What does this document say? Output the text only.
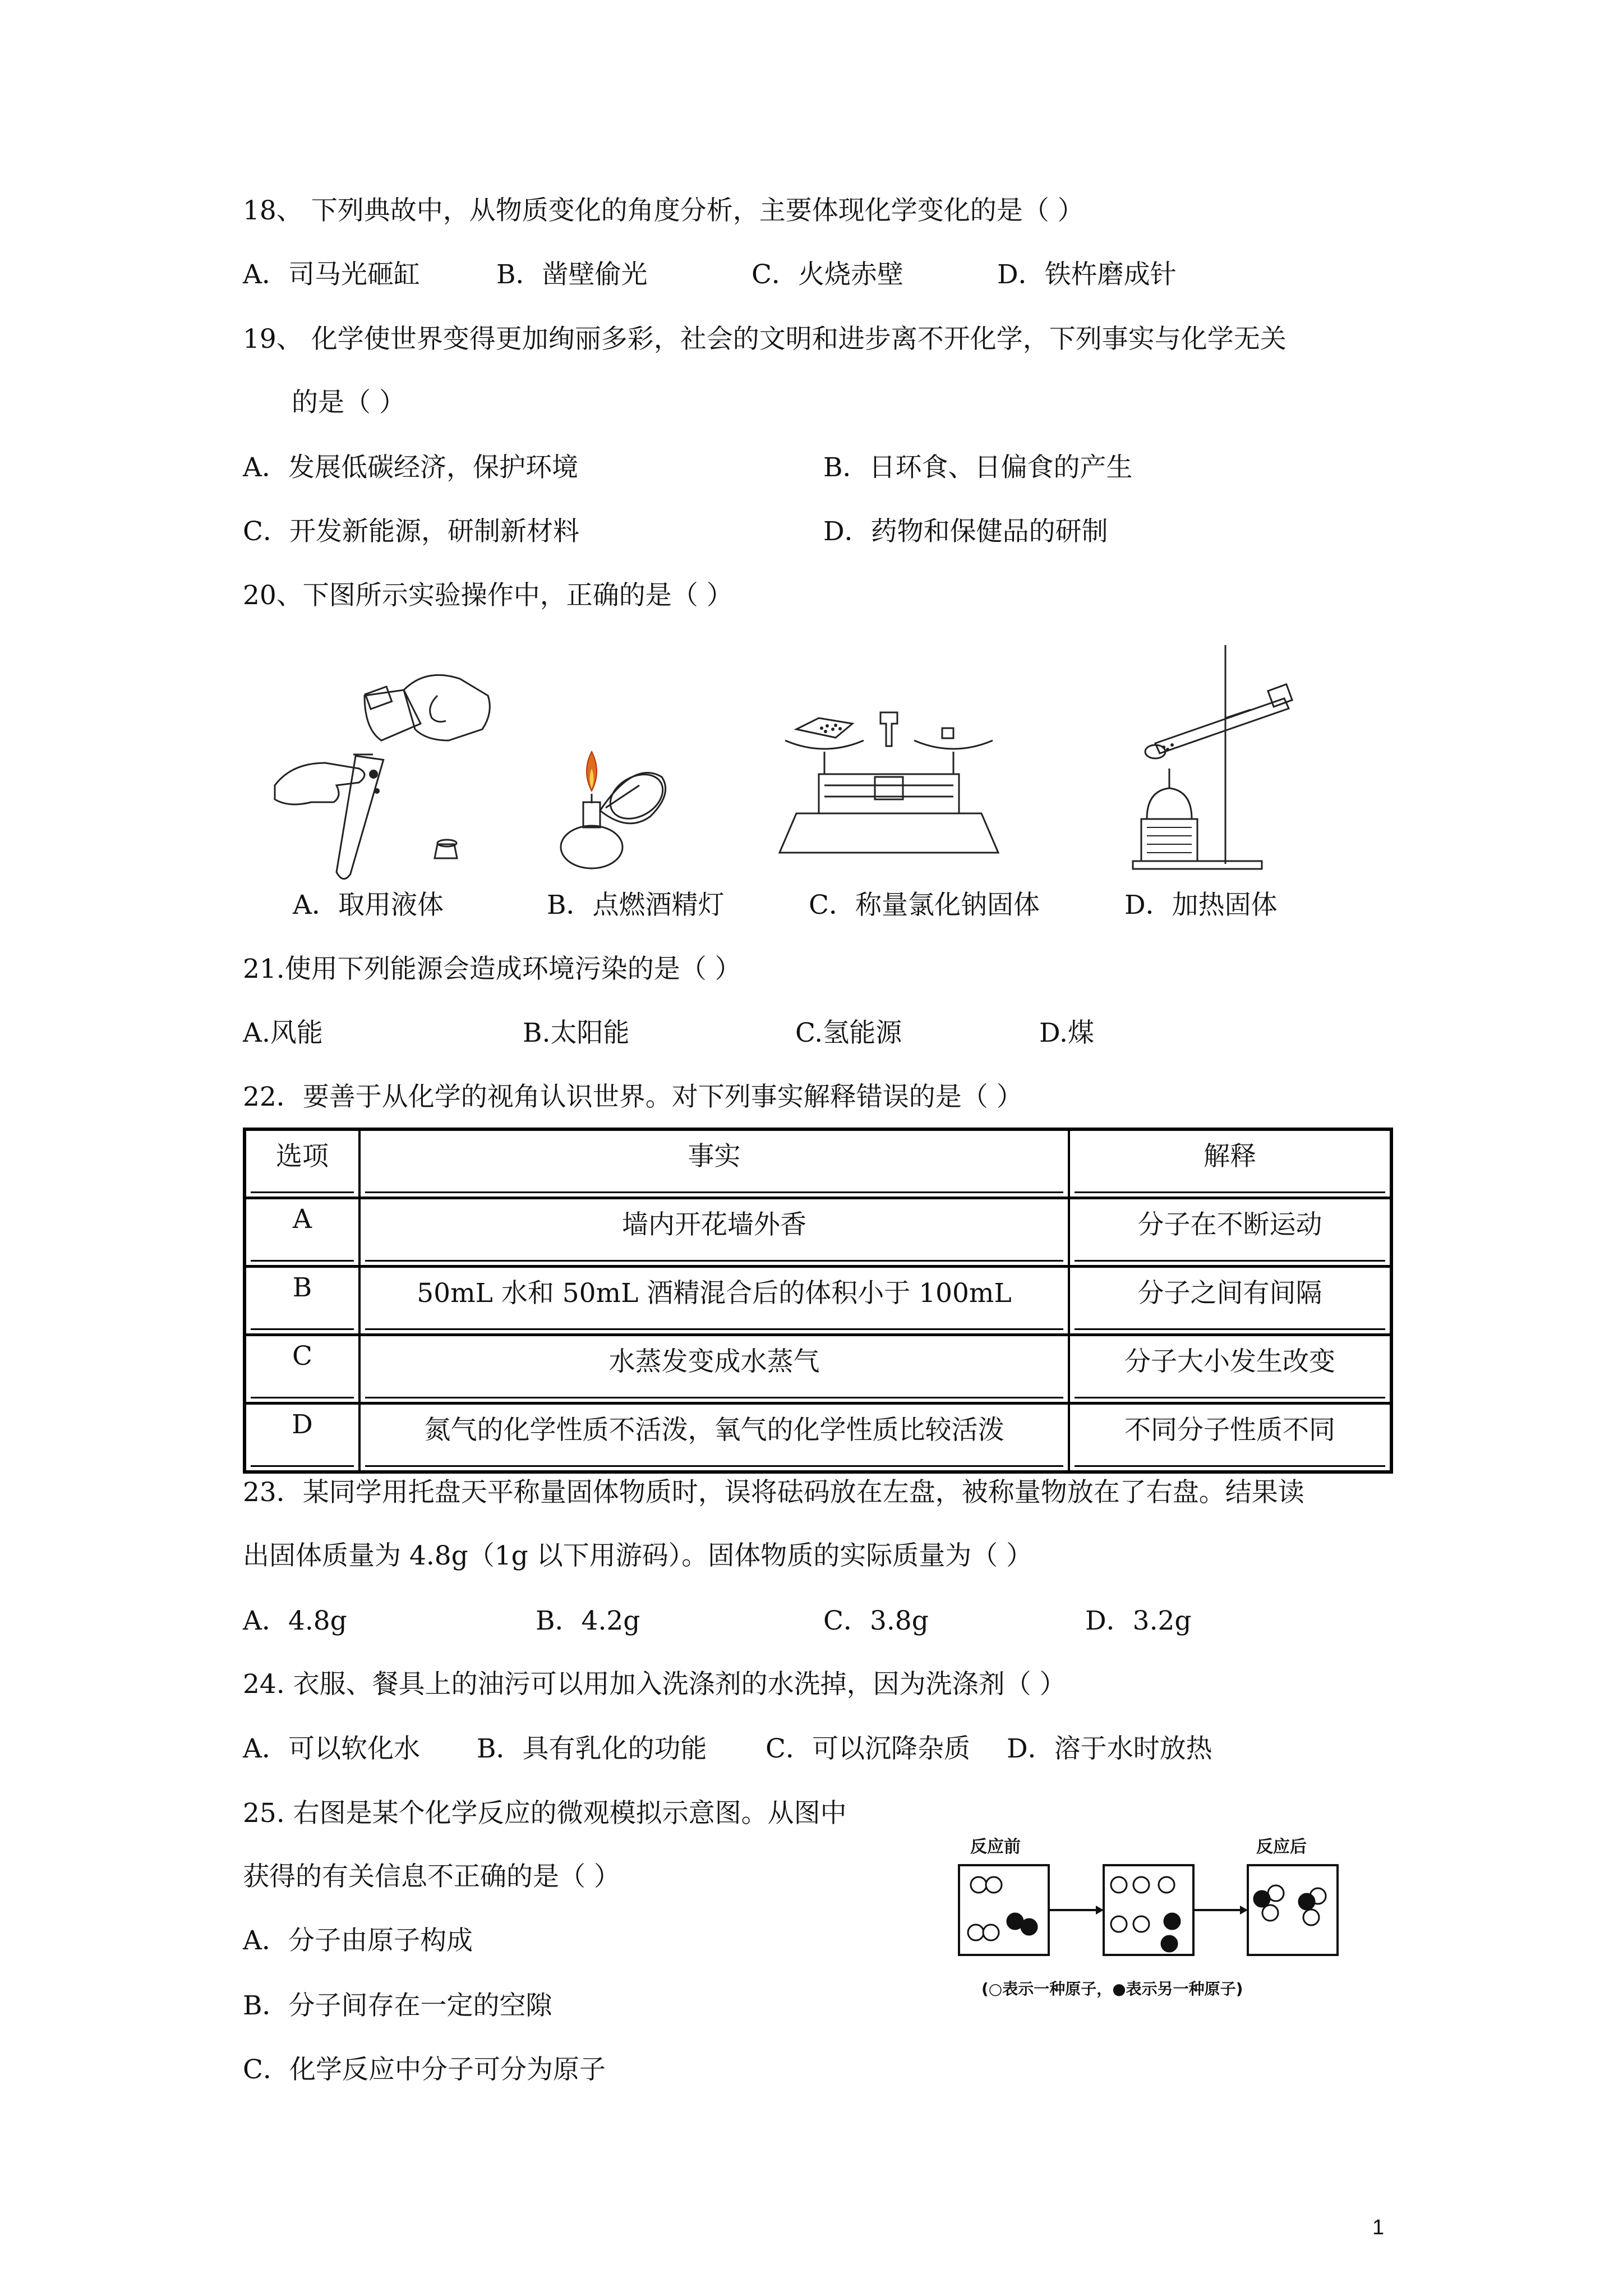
18、 下列典故中，从物质变化的角度分析，主要体现化学变化的是（ ）
A．司马光砸缸	B．凿壁偷光	C．火烧赤壁	D．铁杵磨成针
19、 化学使世界变得更加绚丽多彩，社会的文明和进步离不开化学，下列事实与化学无关
的是（ ）
A．发展低碳经济，保护环境	B．日环食、日偏食的产生
C．开发新能源，研制新材料	D．药物和保健品的研制
20、下图所示实验操作中，正确的是（ ）
A．取用液体	B．点燃酒精灯	C．称量氯化钠固体	D．加热固体
21.使用下列能源会造成环境污染的是（ ）
A.风能	B.太阳能	C.氢能源	D.煤
22．要善于从化学的视角认识世界。对下列事实解释错误的是（ ）
选项	事实	解释
A	墙内开花墙外香	分子在不断运动
B	50mL 水和 50mL 酒精混合后的体积小于 100mL	分子之间有间隔
C	水蒸发变成水蒸气	分子大小发生改变
D	氮气的化学性质不活泼，氧气的化学性质比较活泼	不同分子性质不同
23．某同学用托盘天平称量固体物质时，误将砝码放在左盘，被称量物放在了右盘。结果读
出固体质量为 4.8g（1g 以下用游码）。固体物质的实际质量为（ ）
A．4.8g	B．4.2g	C．3.8g	D．3.2g
24. 衣服、餐具上的油污可以用加入洗涤剂的水洗掉，因为洗涤剂（ ）
A．可以软化水 B．具有乳化的功能 C．可以沉降杂质 D．溶于水时放热
25. 右图是某个化学反应的微观模拟示意图。从图中
获得的有关信息不正确的是（ ）
A．分子由原子构成
B．分子间存在一定的空隙
C．化学反应中分子可分为原子
反应前	反应后
(○表示一种原子，●表示另一种原子)
1
